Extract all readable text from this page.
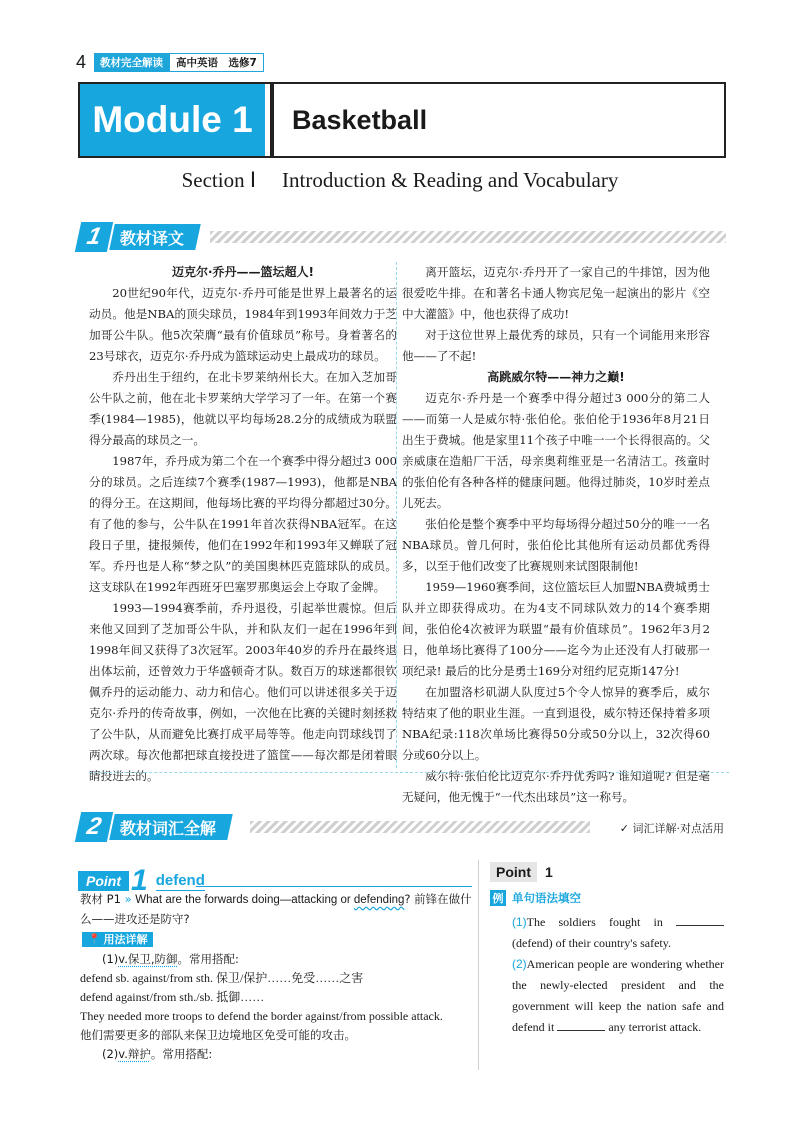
4	教材完全解读	高中英语　选修7
Module 1	Basketball
Section Ⅰ Introduction & Reading and Vocabulary
1	教材译文
迈克尔·乔丹——篮坛超人!

20世纪90年代，迈克尔·乔丹可能是世界上最著名的运动员。他是NBA的顶尖球员，1984年到1993年间效力于芝加哥公牛队。他5次荣膺“最有价值球员”称号。身着著名的23号球衣，迈克尔·乔丹成为篮球运动史上最成功的球员。

乔丹出生于纽约，在北卡罗莱纳州长大。在加入芝加哥公牛队之前，他在北卡罗莱纳大学学习了一年。在第一个赛季(1984—1985)，他就以平均每场28.2分的成绩成为联盟得分最高的球员之一。

1987年，乔丹成为第二个在一个赛季中得分超过3 000分的球员。之后连续7个赛季(1987—1993)，他都是NBA的得分王。在这期间，他每场比赛的平均得分都超过30分。有了他的参与，公牛队在1991年首次获得NBA冠军。在这段日子里，捷报频传，他们在1992年和1993年又蝉联了冠军。乔丹也是人称“梦之队”的美国奥林匹克篮球队的成员。这支球队在1992年西班牙巴塞罗那奥运会上夺取了金牌。

1993—1994赛季前，乔丹退役，引起举世震惊。但后来他又回到了芝加哥公牛队，并和队友们一起在1996年到1998年间又获得了3次冠军。2003年40岁的乔丹在最终退出体坛前，还曾效力于华盛顿奇才队。数百万的球迷都很钦佩乔丹的运动能力、动力和信心。他们可以讲述很多关于迈克尔·乔丹的传奇故事，例如，一次他在比赛的关键时刻拯救了公牛队，从而避免比赛打成平局等等。他走向罚球线罚了两次球。每次他都把球直接投进了篮筐——每次都是闭着眼睛投进去的。

离开篮坛，迈克尔·乔丹开了一家自己的牛排馆，因为他很爱吃牛排。在和著名卡通人物宾尼兔一起演出的影片《空中大灌篮》中，他也获得了成功!

对于这位世界上最优秀的球员，只有一个词能用来形容他——了不起!

高跳威尔特——神力之巅!

迈克尔·乔丹是一个赛季中得分超过3 000分的第二人——而第一人是威尔特·张伯伦。张伯伦于1936年8月21日出生于费城。他是家里11个孩子中唯一一个长得很高的。父亲威康在造船厂干活，母亲奥莉维亚是一名清洁工。孩童时的张伯伦有各种各样的健康问题。他得过肺炎，10岁时差点儿死去。

张伯伦是整个赛季中平均每场得分超过50分的唯一一名NBA球员。曾几何时，张伯伦比其他所有运动员都优秀得多，以至于他们改变了比赛规则来试图限制他!

1959—1960赛季间，这位篮坛巨人加盟NBA费城勇士队并立即获得成功。在为4支不同球队效力的14个赛季期间，张伯伦4次被评为联盟“最有价值球员”。1962年3月2日，他单场比赛得了100分——迄今为止还没有人打破那一项纪录! 最后的比分是勇士169分对纽约尼克斯147分!

在加盟洛杉矶湖人队度过5个令人惊异的赛季后，威尔特结束了他的职业生涯。一直到退役，威尔特还保持着多项NBA纪录:118次单场比赛得50分或50分以上，32次得60分或60分以上。

威尔特·张伯伦比迈克尔·乔丹优秀吗? 谁知道呢? 但是毫无疑问，他无愧于“一代杰出球员”这一称号。

2	教材词汇全解	✓ 词汇详解·对点活用
Point 1 defend
教材 P1 » What are the forwards doing—attacking or defending? 前锋在做什么——进攻还是防守?
📍 用法详解
(1)v.保卫,防御。常用搭配:
defend sb. against/from sth. 保卫/保护……免受……之害
defend against/from sth./sb. 抵御……
They needed more troops to defend the border against/from possible attack.
他们需要更多的部队来保卫边境地区免受可能的攻击。
(2)v.辩护。常用搭配:
Point	1
例 单句语法填空
(1)The soldiers fought in  (defend) of their country's safety.
(2)American people are wondering whether the newly-elected president and the government will keep the nation safe and defend it	any terrorist attack.
